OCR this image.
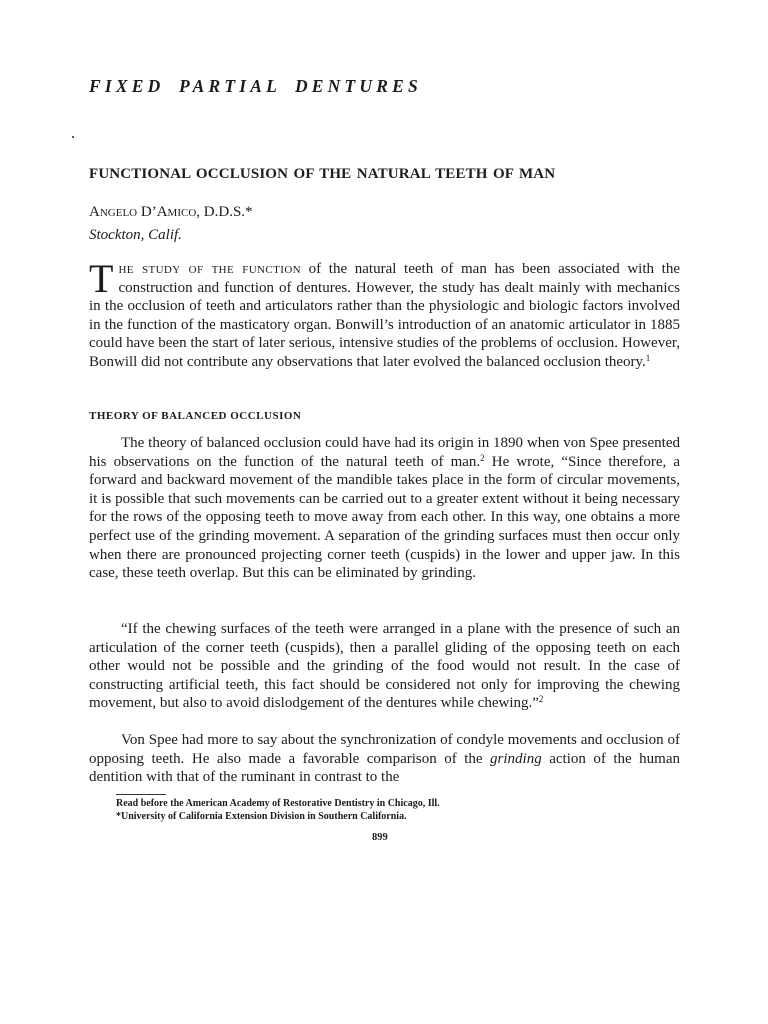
FIXED PARTIAL DENTURES
FUNCTIONAL OCCLUSION OF THE NATURAL TEETH OF MAN
Angelo D’Amico, D.D.S.*
Stockton, Calif.

The study of the function of the natural teeth of man has been associated with the construction and function of dentures. However, the study has dealt mainly with mechanics in the occlusion of teeth and articulators rather than the physiologic and biologic factors involved in the function of the masticatory organ. Bonwill’s introduction of an anatomic articulator in 1885 could have been the start of later serious, intensive studies of the problems of occlusion. However, Bonwill did not contribute any observations that later evolved the balanced occlusion theory.$^1$

THEORY OF BALANCED OCCLUSION

The theory of balanced occlusion could have had its origin in 1890 when von Spee presented his observations on the function of the natural teeth of man.$^2$ He wrote, “Since therefore, a forward and backward movement of the mandible takes place in the form of circular movements, it is possible that such movements can be carried out to a greater extent without it being necessary for the rows of the opposing teeth to move away from each other. In this way, one obtains a more perfect use of the grinding movement. A separation of the grinding surfaces must then occur only when there are pronounced projecting corner teeth (cuspids) in the lower and upper jaw. In this case, these teeth overlap. But this can be eliminated by grinding.

“If the chewing surfaces of the teeth were arranged in a plane with the presence of such an articulation of the corner teeth (cuspids), then a parallel gliding of the opposing teeth on each other would not be possible and the grinding of the food would not result. In the case of constructing artificial teeth, this fact should be considered not only for improving the chewing movement, but also to avoid dislodgement of the dentures while chewing.”$^2$

Von Spee had more to say about the synchronization of condyle movements and occlusion of opposing teeth. He also made a favorable comparison of the grinding action of the human dentition with that of the ruminant in contrast to the

Read before the American Academy of Restorative Dentistry in Chicago, Ill.
*University of California Extension Division in Southern California.
899
